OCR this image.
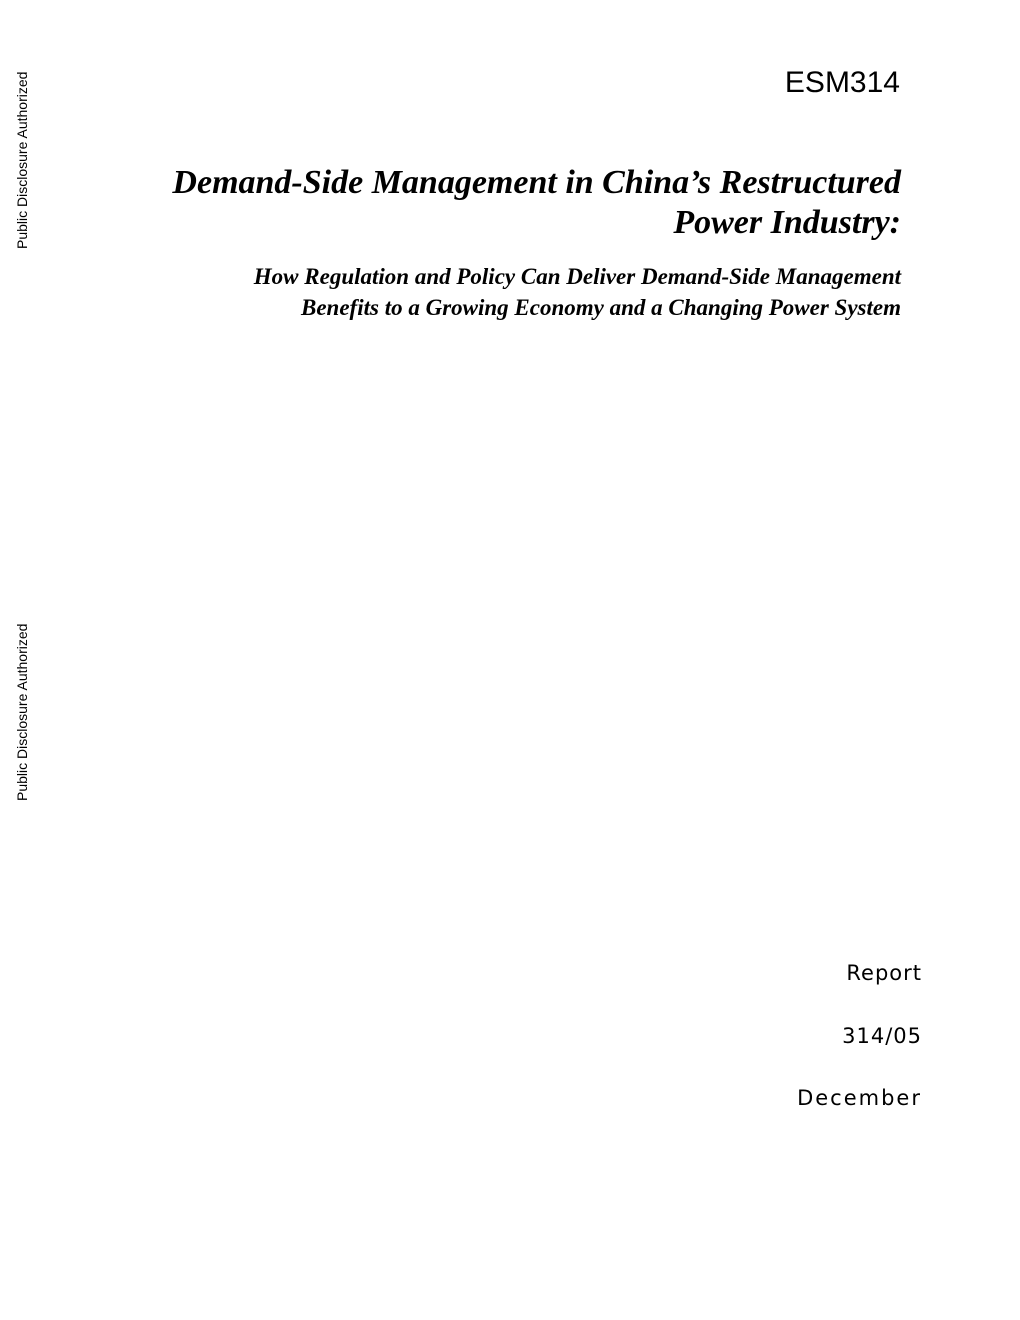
Public Disclosure Authorized
Public Disclosure Authorized
ESM314
Demand-Side Management in China’s Restructured
Power Industry:
How Regulation and Policy Can Deliver Demand-Side Management
Benefits to a Growing Economy and a Changing Power System
Report
314/05
December
